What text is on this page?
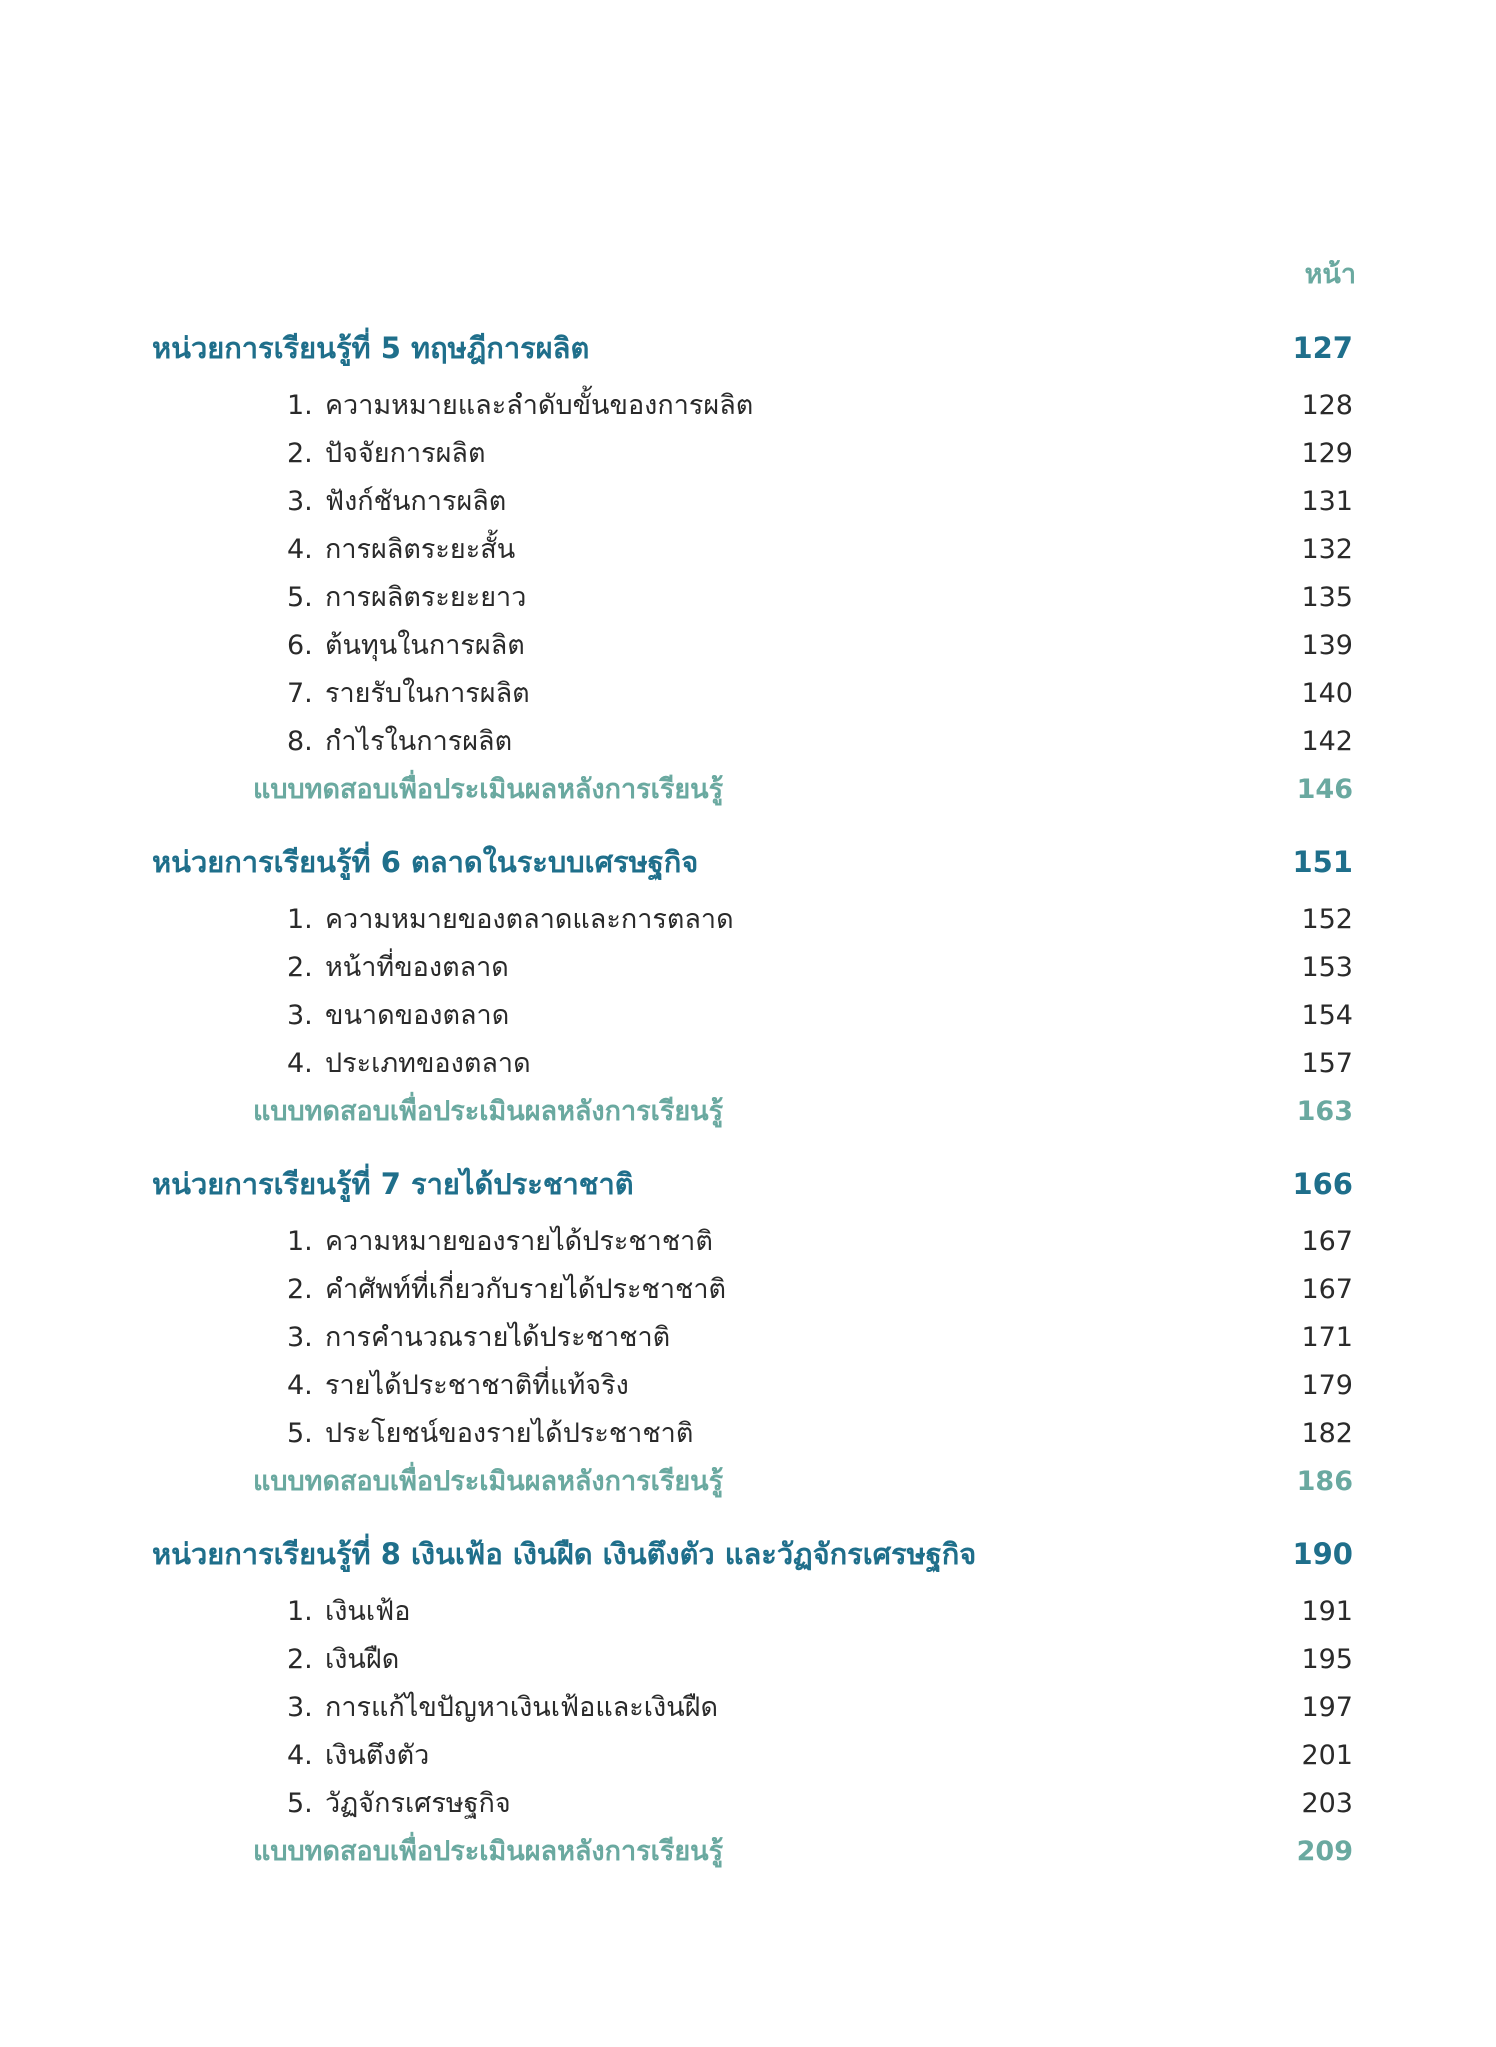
หน้า
หน่วยการเรียนรู้ที่ 5 ทฤษฎีการผลิต	127
1. ความหมายและลำดับขั้นของการผลิต	128
2. ปัจจัยการผลิต	129
3. ฟังก์ชันการผลิต	131
4. การผลิตระยะสั้น	132
5. การผลิตระยะยาว	135
6. ต้นทุนในการผลิต	139
7. รายรับในการผลิต	140
8. กำไรในการผลิต	142
แบบทดสอบเพื่อประเมินผลหลังการเรียนรู้	146
หน่วยการเรียนรู้ที่ 6 ตลาดในระบบเศรษฐกิจ	151
1. ความหมายของตลาดและการตลาด	152
2. หน้าที่ของตลาด	153
3. ขนาดของตลาด	154
4. ประเภทของตลาด	157
แบบทดสอบเพื่อประเมินผลหลังการเรียนรู้	163
หน่วยการเรียนรู้ที่ 7 รายได้ประชาชาติ	166
1. ความหมายของรายได้ประชาชาติ	167
2. คำศัพท์ที่เกี่ยวกับรายได้ประชาชาติ	167
3. การคำนวณรายได้ประชาชาติ	171
4. รายได้ประชาชาติที่แท้จริง	179
5. ประโยชน์ของรายได้ประชาชาติ	182
แบบทดสอบเพื่อประเมินผลหลังการเรียนรู้	186
หน่วยการเรียนรู้ที่ 8 เงินเฟ้อ เงินฝืด เงินตึงตัว และวัฏจักรเศรษฐกิจ	190
1. เงินเฟ้อ	191
2. เงินฝืด	195
3. การแก้ไขปัญหาเงินเฟ้อและเงินฝืด	197
4. เงินตึงตัว	201
5. วัฏจักรเศรษฐกิจ	203
แบบทดสอบเพื่อประเมินผลหลังการเรียนรู้	209
